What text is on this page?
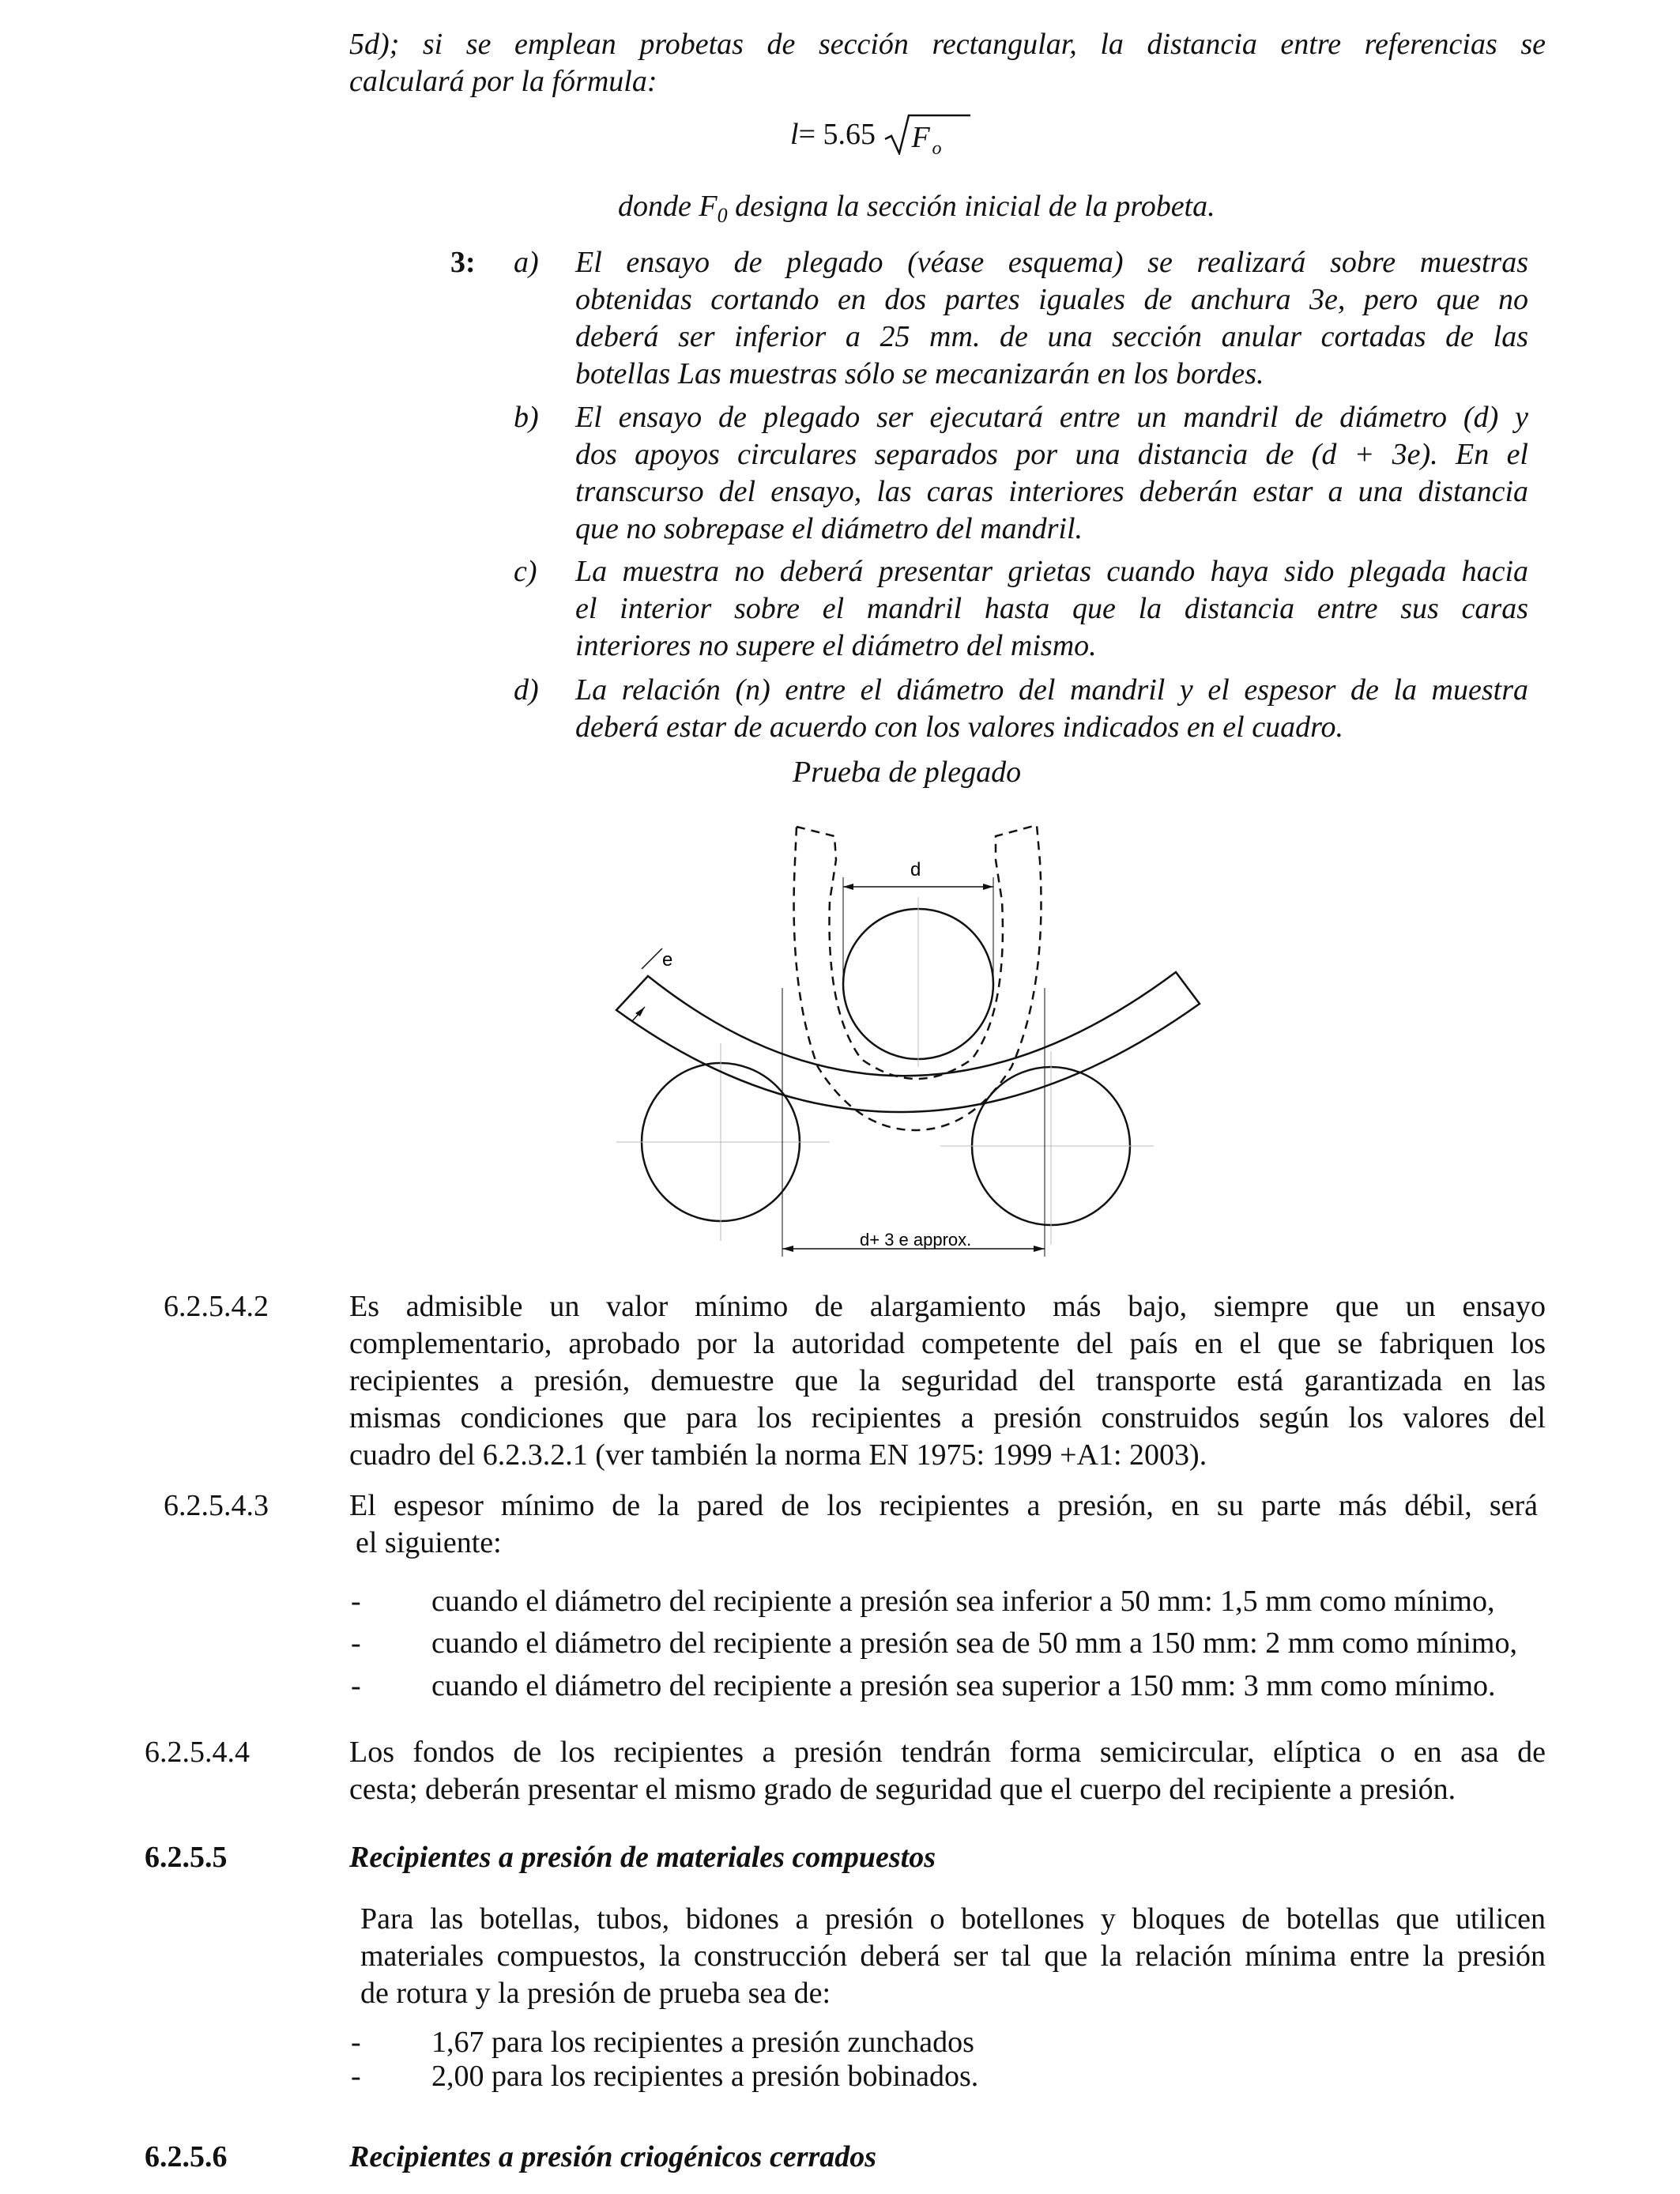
5d); si se emplean probetas de sección rectangular, la distancia entre referencias se
calculará por la fórmula:
l= 5.65 F o
donde $F_0$ designa la sección inicial de la probeta.
3: a) El ensayo de plegado (véase esquema) se realizará sobre muestras
obtenidas cortando en dos partes iguales de anchura 3e, pero que no
deberá ser inferior a 25 mm. de una sección anular cortadas de las
botellas Las muestras sólo se mecanizarán en los bordes.
b) El ensayo de plegado ser ejecutará entre un mandril de diámetro (d) y
dos apoyos circulares separados por una distancia de (d + 3e). En el
transcurso del ensayo, las caras interiores deberán estar a una distancia
que no sobrepase el diámetro del mandril.
c) La muestra no deberá presentar grietas cuando haya sido plegada hacia
el interior sobre el mandril hasta que la distancia entre sus caras
interiores no supere el diámetro del mismo.
d) La relación (n) entre el diámetro del mandril y el espesor de la muestra
deberá estar de acuerdo con los valores indicados en el cuadro.
Prueba de plegado
d
e
d+ 3 e approx.
6.2.5.4.2	Es admisible un valor mínimo de alargamiento más bajo, siempre que un ensayo
complementario, aprobado por la autoridad competente del país en el que se fabriquen los
recipientes a presión, demuestre que la seguridad del transporte está garantizada en las
mismas condiciones que para los recipientes a presión construidos según los valores del
cuadro del 6.2.3.2.1 (ver también la norma EN 1975: 1999 +A1: 2003).
6.2.5.4.3	El espesor mínimo de la pared de los recipientes a presión, en su parte más débil, será
el siguiente:
- cuando el diámetro del recipiente a presión sea inferior a 50 mm: 1,5 mm como mínimo,
- cuando el diámetro del recipiente a presión sea de 50 mm a 150 mm: 2 mm como mínimo,
- cuando el diámetro del recipiente a presión sea superior a 150 mm: 3 mm como mínimo.
6.2.5.4.4	Los fondos de los recipientes a presión tendrán forma semicircular, elíptica o en asa de
cesta; deberán presentar el mismo grado de seguridad que el cuerpo del recipiente a presión.
6.2.5.5	Recipientes a presión de materiales compuestos
Para las botellas, tubos, bidones a presión o botellones y bloques de botellas que utilicen
materiales compuestos, la construcción deberá ser tal que la relación mínima entre la presión
de rotura y la presión de prueba sea de:
- 1,67 para los recipientes a presión zunchados
- 2,00 para los recipientes a presión bobinados.
6.2.5.6	Recipientes a presión criogénicos cerrados
